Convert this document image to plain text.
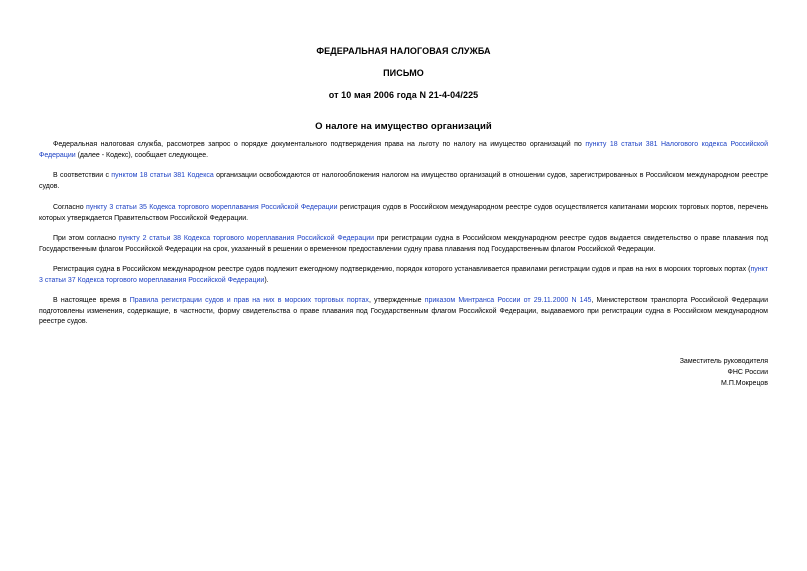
ФЕДЕРАЛЬНАЯ НАЛОГОВАЯ СЛУЖБА
ПИСЬМО
от 10 мая 2006 года N 21-4-04/225
О налоге на имущество организаций

Федеральная налоговая служба, рассмотрев запрос о порядке документального подтверждения права на льготу по налогу на имущество организаций по пункту 18 статьи 381 Налогового кодекса Российской Федерации (далее - Кодекс), сообщает следующее.

В соответствии с пунктом 18 статьи 381 Кодекса организации освобождаются от налогообложения налогом на имущество организаций в отношении судов, зарегистрированных в Российском международном реестре судов.

Согласно пункту 3 статьи 35 Кодекса торгового мореплавания Российской Федерации регистрация судов в Российском международном реестре судов осуществляется капитанами морских торговых портов, перечень которых утверждается Правительством Российской Федерации.

При этом согласно пункту 2 статьи 38 Кодекса торгового мореплавания Российской Федерации при регистрации судна в Российском международном реестре судов выдается свидетельство о праве плавания под Государственным флагом Российской Федерации на срок, указанный в решении о временном предоставлении судну права плавания под Государственным флагом Российской Федерации.

Регистрация судна в Российском международном реестре судов подлежит ежегодному подтверждению, порядок которого устанавливается правилами регистрации судов и прав на них в морских торговых портах (пункт 3 статьи 37 Кодекса торгового мореплавания Российской Федерации).

В настоящее время в Правила регистрации судов и прав на них в морских торговых портах, утвержденные приказом Минтранса России от 29.11.2000 N 145, Министерством транспорта Российской Федерации подготовлены изменения, содержащие, в частности, форму свидетельства о праве плавания под Государственным флагом Российской Федерации, выдаваемого при регистрации судна в Российском международном реестре судов.

Заместитель руководителя
ФНС России
М.П.Мокрецов
